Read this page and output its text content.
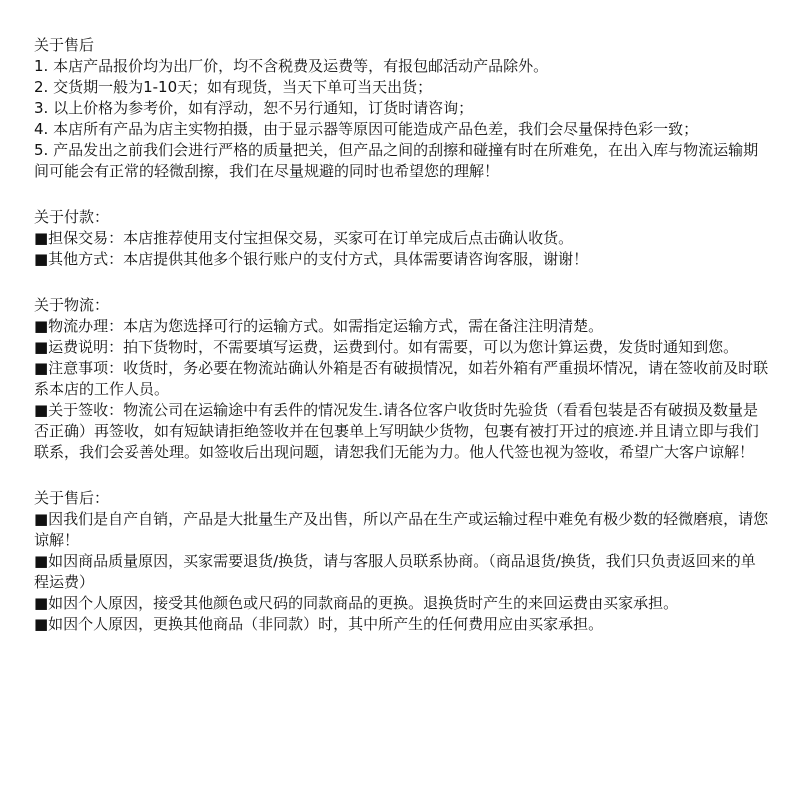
关于售后
1. 本店产品报价均为出厂价，均不含税费及运费等，有报包邮活动产品除外。
2. 交货期一般为1-10天；如有现货，当天下单可当天出货；
3. 以上价格为参考价，如有浮动，恕不另行通知，订货时请咨询；
4. 本店所有产品为店主实物拍摄，由于显示器等原因可能造成产品色差，我们会尽量保持色彩一致；
5. 产品发出之前我们会进行严格的质量把关，但产品之间的刮擦和碰撞有时在所难免，在出入库与物流运输期间可能会有正常的轻微刮擦，我们在尽量规避的同时也希望您的理解！
关于付款：
■担保交易：本店推荐使用支付宝担保交易，买家可在订单完成后点击确认收货。
■其他方式：本店提供其他多个银行账户的支付方式，具体需要请咨询客服，谢谢！
关于物流：
■物流办理：本店为您选择可行的运输方式。如需指定运输方式，需在备注注明清楚。
■运费说明：拍下货物时，不需要填写运费，运费到付。如有需要，可以为您计算运费，发货时通知到您。
■注意事项：收货时，务必要在物流站确认外箱是否有破损情况，如若外箱有严重损坏情况，请在签收前及时联系本店的工作人员。
■关于签收：物流公司在运输途中有丢件的情况发生.请各位客户收货时先验货（看看包装是否有破损及数量是否正确）再签收，如有短缺请拒绝签收并在包裹单上写明缺少货物，包裹有被打开过的痕迹.并且请立即与我们联系，我们会妥善处理。如签收后出现问题，请恕我们无能为力。他人代签也视为签收，希望广大客户谅解！
关于售后：
■因我们是自产自销，产品是大批量生产及出售，所以产品在生产或运输过程中难免有极少数的轻微磨痕，请您谅解！
■如因商品质量原因，买家需要退货/换货，请与客服人员联系协商。（商品退货/换货，我们只负责返回来的单程运费）
■如因个人原因，接受其他颜色或尺码的同款商品的更换。退换货时产生的来回运费由买家承担。
■如因个人原因，更换其他商品（非同款）时，其中所产生的任何费用应由买家承担。
